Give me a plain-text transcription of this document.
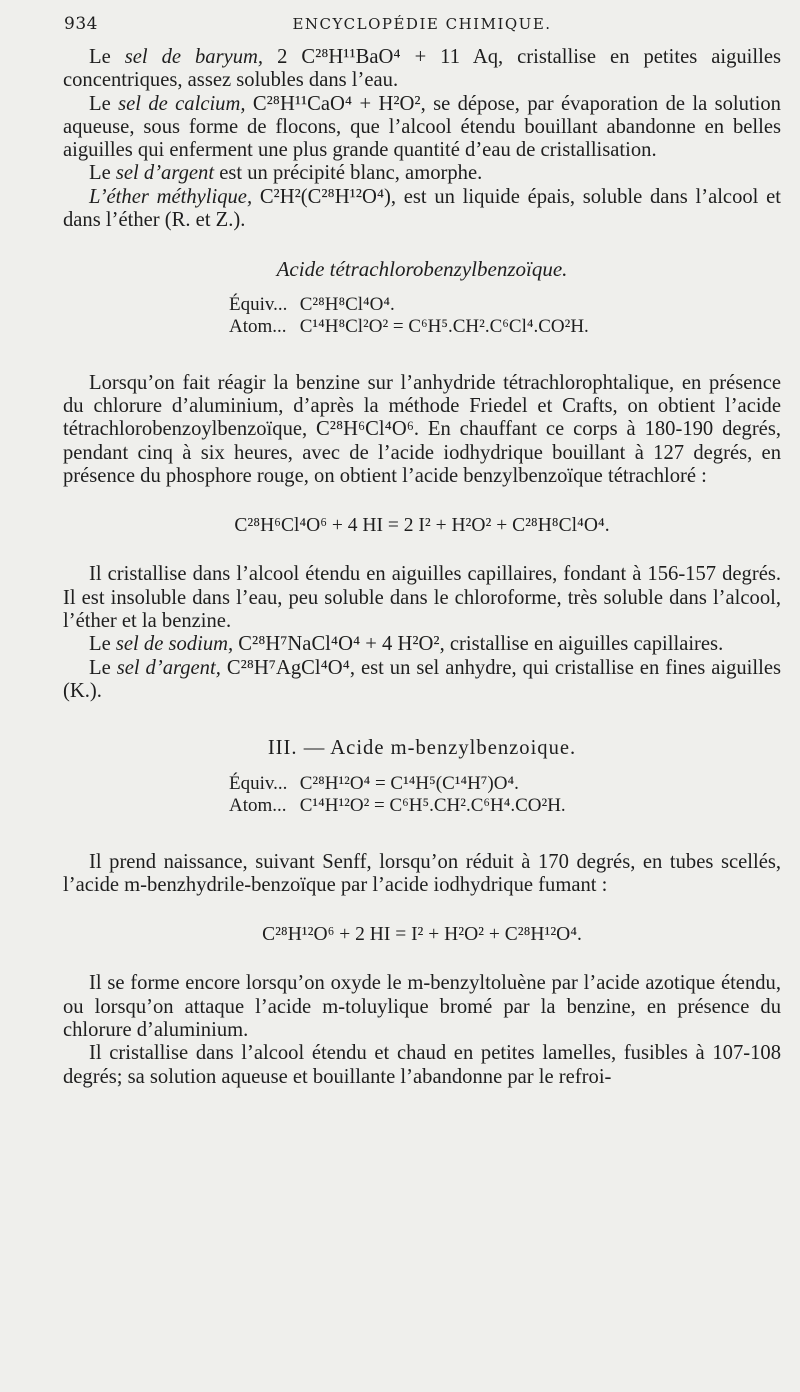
934	ENCYCLOPÉDIE CHIMIQUE.

Le sel de baryum, 2 C²⁸H¹¹BaO⁴ + 11 Aq, cristallise en petites aiguilles concentriques, assez solubles dans l’eau.

Le sel de calcium, C²⁸H¹¹CaO⁴ + H²O², se dépose, par évaporation de la solution aqueuse, sous forme de flocons, que l’alcool étendu bouillant abandonne en belles aiguilles qui enferment une plus grande quantité d’eau de cristallisation.

Le sel d’argent est un précipité blanc, amorphe.

L’éther méthylique, C²H²(C²⁸H¹²O⁴), est un liquide épais, soluble dans l’alcool et dans l’éther (R. et Z.).

Acide tétrachlorobenzylbenzoïque.

Équiv... C²⁸H⁸Cl⁴O⁴.
Atom... C¹⁴H⁸Cl²O² = C⁶H⁵.CH².C⁶Cl⁴.CO²H.

Lorsqu’on fait réagir la benzine sur l’anhydride tétrachlorophtalique, en présence du chlorure d’aluminium, d’après la méthode Friedel et Crafts, on obtient l’acide tétrachlorobenzoylbenzoïque, C²⁸H⁶Cl⁴O⁶. En chauffant ce corps à 180-190 degrés, pendant cinq à six heures, avec de l’acide iodhydrique bouillant à 127 degrés, en présence du phosphore rouge, on obtient l’acide benzylbenzoïque tétrachloré :

C²⁸H⁶Cl⁴O⁶ + 4 HI = 2 I² + H²O² + C²⁸H⁸Cl⁴O⁴.

Il cristallise dans l’alcool étendu en aiguilles capillaires, fondant à 156-157 degrés. Il est insoluble dans l’eau, peu soluble dans le chloroforme, très soluble dans l’alcool, l’éther et la benzine.

Le sel de sodium, C²⁸H⁷NaCl⁴O⁴ + 4 H²O², cristallise en aiguilles capillaires.

Le sel d’argent, C²⁸H⁷AgCl⁴O⁴, est un sel anhydre, qui cristallise en fines aiguilles (K.).

III. — Acide m-benzylbenzoique.

Équiv... C²⁸H¹²O⁴ = C¹⁴H⁵(C¹⁴H⁷)O⁴.
Atom... C¹⁴H¹²O² = C⁶H⁵.CH².C⁶H⁴.CO²H.

Il prend naissance, suivant Senff, lorsqu’on réduit à 170 degrés, en tubes scellés, l’acide m-benzhydrile-benzoïque par l’acide iodhydrique fumant :

C²⁸H¹²O⁶ + 2 HI = I² + H²O² + C²⁸H¹²O⁴.

Il se forme encore lorsqu’on oxyde le m-benzyltoluène par l’acide azotique étendu, ou lorsqu’on attaque l’acide m-toluylique bromé par la benzine, en présence du chlorure d’aluminium.

Il cristallise dans l’alcool étendu et chaud en petites lamelles, fusibles à 107-108 degrés; sa solution aqueuse et bouillante l’abandonne par le refroi-
